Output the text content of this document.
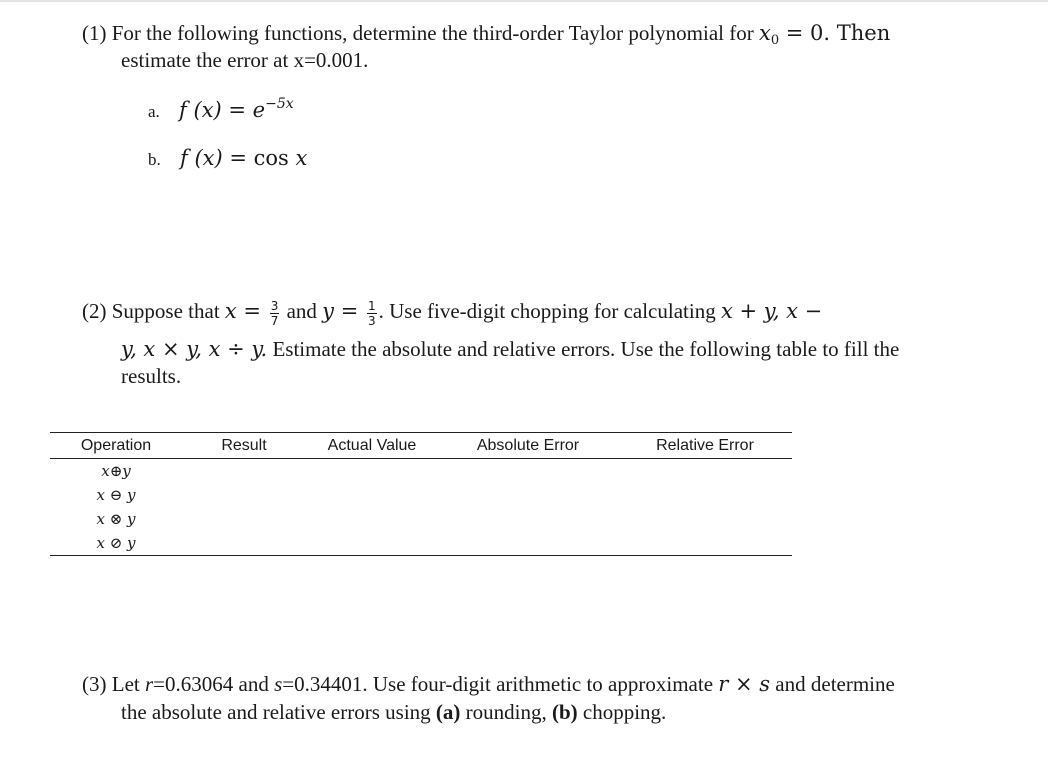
(1) For the following functions, determine the third-order Taylor polynomial for $x_0 = 0$. Then
estimate the error at x=0.001.
a. f $(x) = e^{-5x}$
b. f (x) = cos x
(2) Suppose that $x = \frac{3}{7}$ and $y = \frac{1}{3}$ . Use five-digit chopping for calculating x + y, x −
y, x × y, x ÷ y. Estimate the absolute and relative errors. Use the following table to fill the
results.
Operation	Result	Actual Value	Absolute Error	Relative Error
x⊕y				
x ⊖ y				
x ⊗ y				
x ⊘ y				
(3) Let r=0.63064 and s=0.34401. Use four-digit arithmetic to approximate r × s and determine
the absolute and relative errors using (a) rounding, (b) chopping.
